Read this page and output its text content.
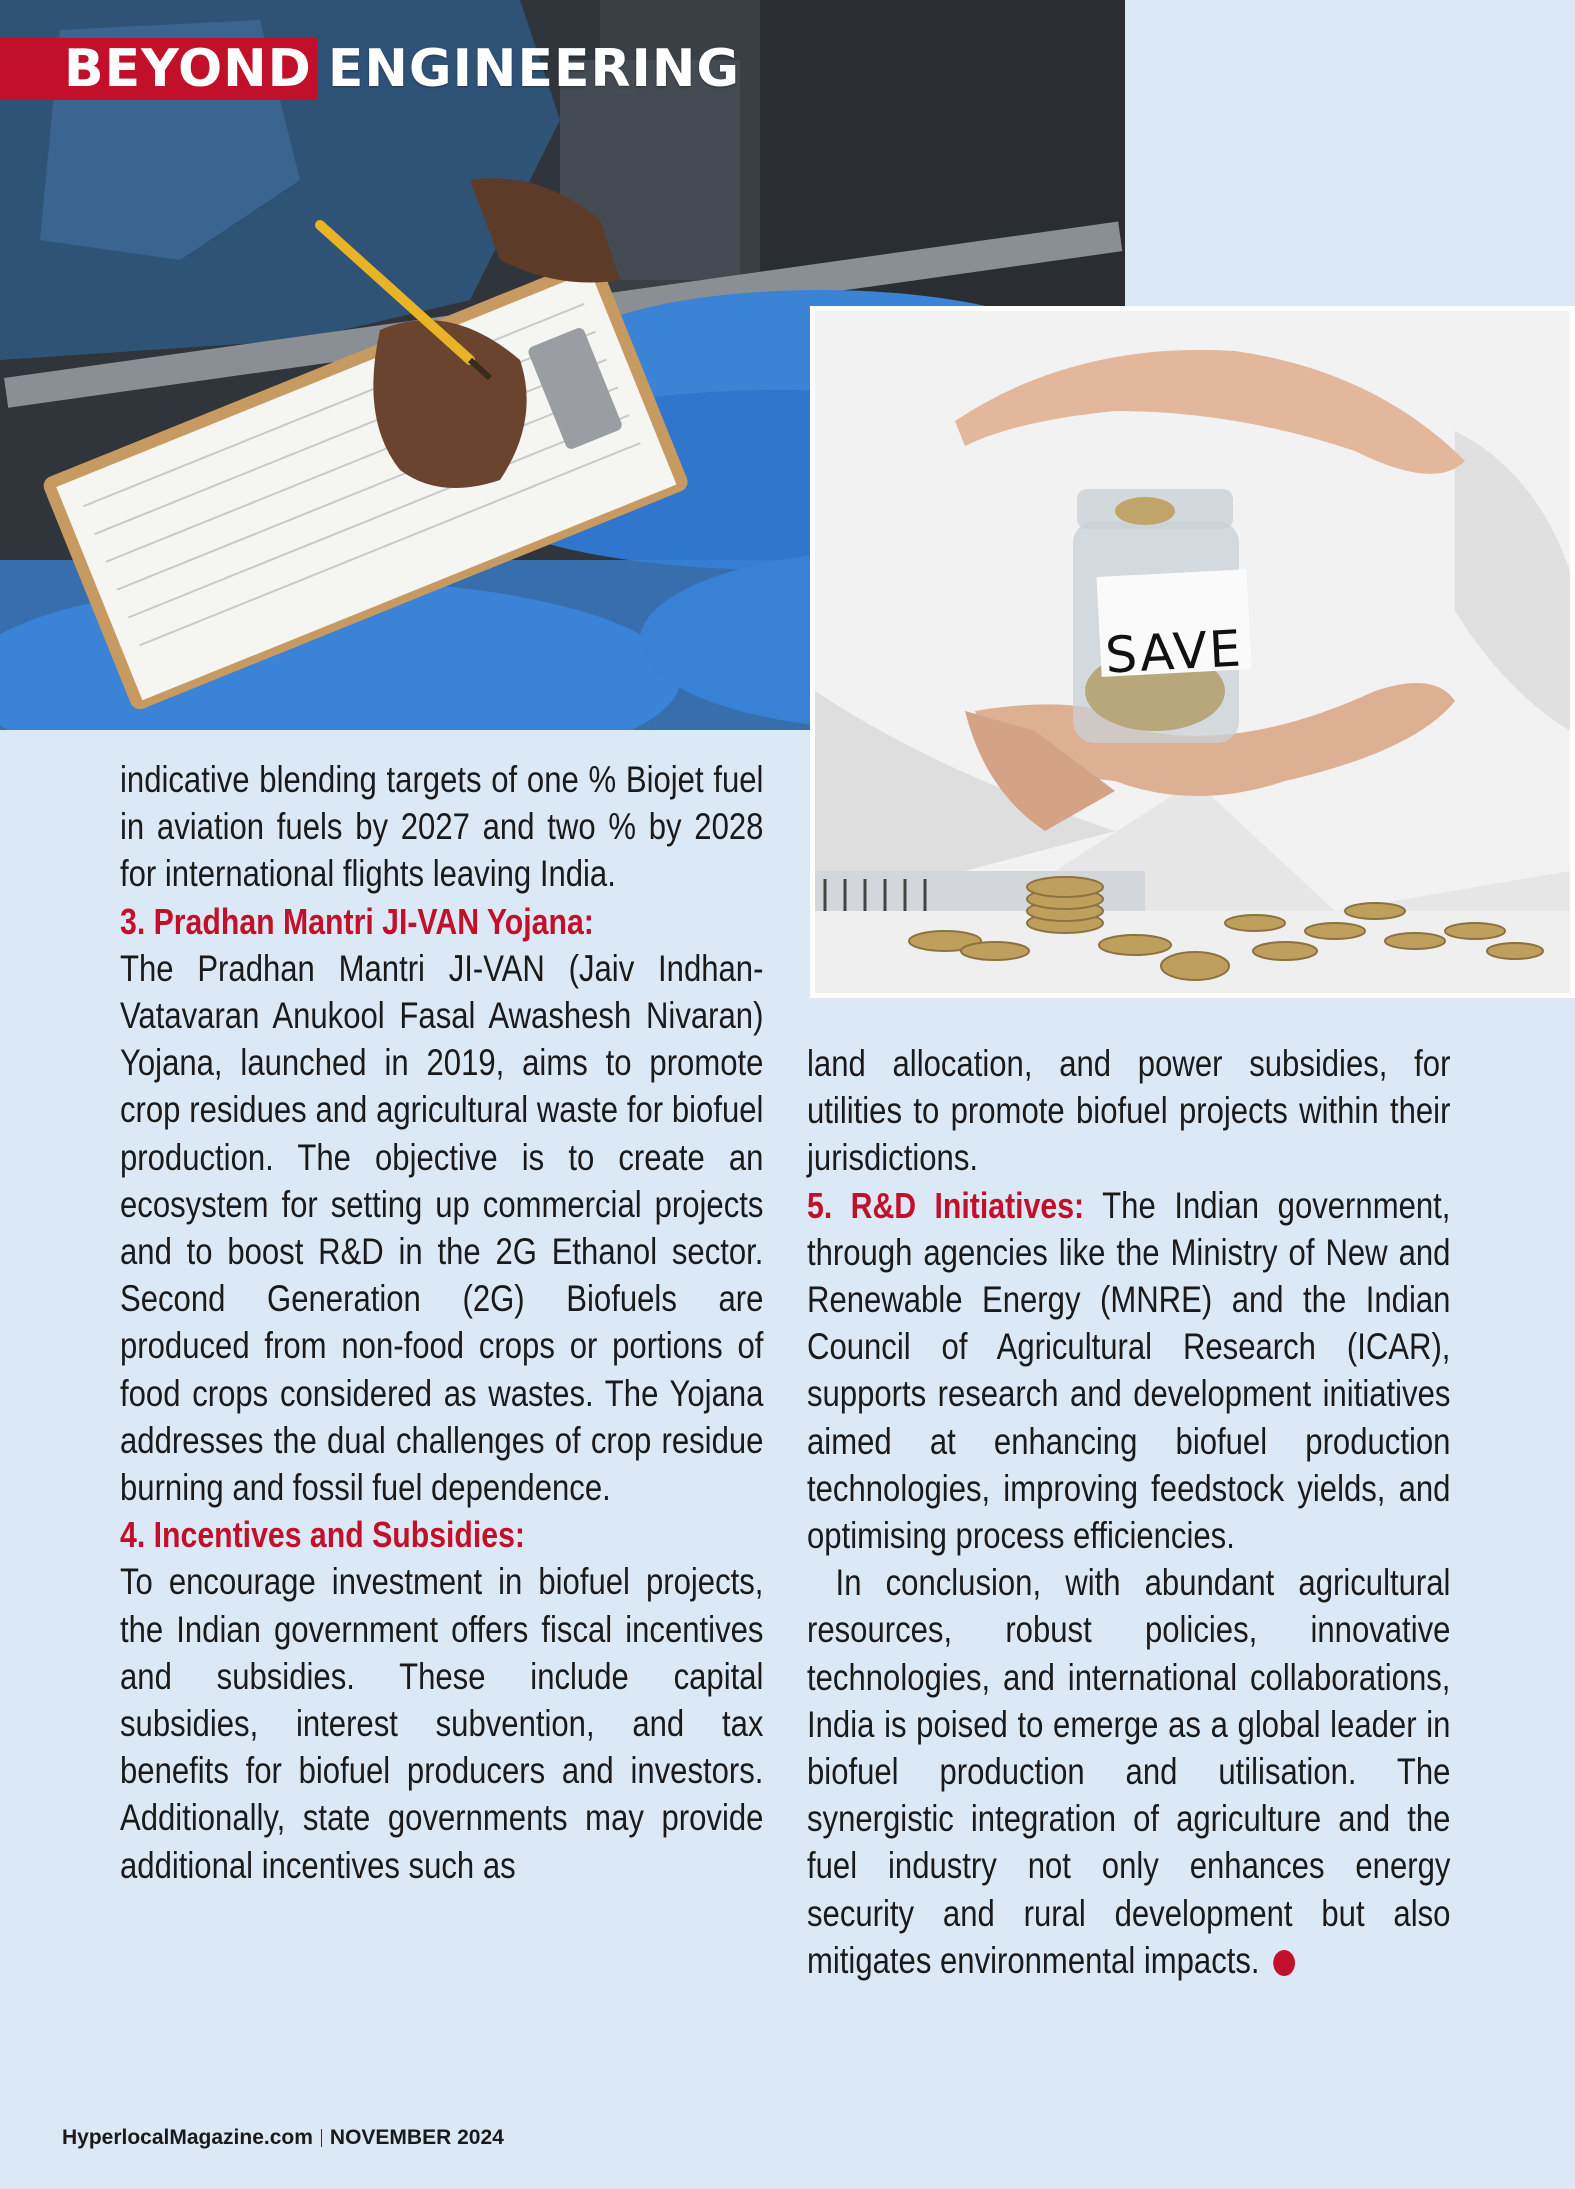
BEYOND ENGINEERING
SAVE

indicative blending targets of one % Biojet fuel in aviation fuels by 2027 and two % by 2028 for international flights leaving India.

3. Pradhan Mantri JI-VAN Yojana:

The Pradhan Mantri JI-VAN (Jaiv Indhan-Vatavaran Anukool Fasal Awashesh Nivaran) Yojana, launched in 2019, aims to promote crop residues and agricultural waste for biofuel production. The objective is to create an ecosystem for setting up commercial projects and to boost R&D in the 2G Ethanol sector. Second Generation (2G) Biofuels are produced from non-food crops or portions of food crops considered as wastes. The Yojana addresses the dual challenges of crop residue burning and fossil fuel dependence.

4. Incentives and Subsidies:

To encourage investment in biofuel projects, the Indian government offers fiscal incentives and subsidies. These include capital subsidies, interest subvention, and tax benefits for biofuel producers and investors. Additionally, state governments may provide additional incentives such as

land allocation, and power subsidies, for utilities to promote biofuel projects within their jurisdictions.

5. R&D Initiatives: The Indian government, through agencies like the Ministry of New and Renewable Energy (MNRE) and the Indian Council of Agricultural Research (ICAR), supports research and development initiatives aimed at enhancing biofuel production technologies, improving feedstock yields, and optimising process efficiencies.

In conclusion, with abundant agricultural resources, robust policies, innovative technologies, and international collaborations, India is poised to emerge as a global leader in biofuel production and utilisation. The synergistic integration of agriculture and the fuel industry not only enhances energy security and rural development but also mitigates environmental impacts.

HyperlocalMagazine.com NOVEMBER 2024
